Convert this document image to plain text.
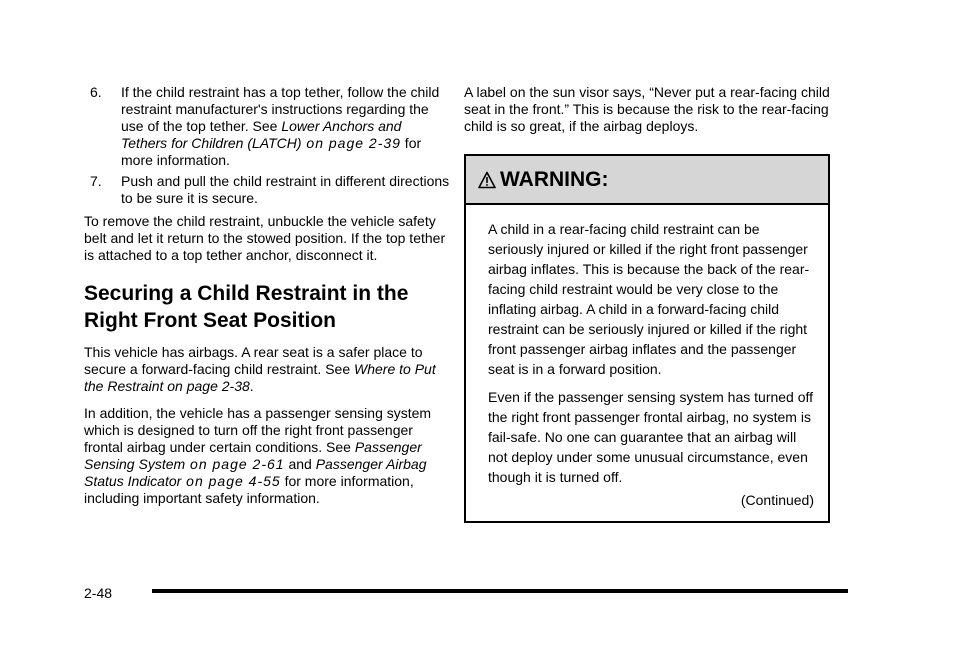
6. If the child restraint has a top tether, follow the child restraint manufacturer's instructions regarding the use of the top tether. See Lower Anchors and Tethers for Children (LATCH) on page 2-39 for more information.
7. Push and pull the child restraint in different directions to be sure it is secure.

To remove the child restraint, unbuckle the vehicle safety belt and let it return to the stowed position. If the top tether is attached to a top tether anchor, disconnect it.

Securing a Child Restraint in the Right Front Seat Position

This vehicle has airbags. A rear seat is a safer place to secure a forward-facing child restraint. See Where to Put the Restraint on page 2-38.

In addition, the vehicle has a passenger sensing system which is designed to turn off the right front passenger frontal airbag under certain conditions. See Passenger Sensing System on page 2-61 and Passenger Airbag Status Indicator on page 4-55 for more information, including important safety information.

A label on the sun visor says, “Never put a rear-facing child seat in the front.” This is because the risk to the rear-facing child is so great, if the airbag deploys.

WARNING:

A child in a rear-facing child restraint can be seriously injured or killed if the right front passenger airbag inflates. This is because the back of the rear-facing child restraint would be very close to the inflating airbag. A child in a forward-facing child restraint can be seriously injured or killed if the right front passenger airbag inflates and the passenger seat is in a forward position.

Even if the passenger sensing system has turned off the right front passenger frontal airbag, no system is fail-safe. No one can guarantee that an airbag will not deploy under some unusual circumstance, even though it is turned off.

(Continued)
2-48
